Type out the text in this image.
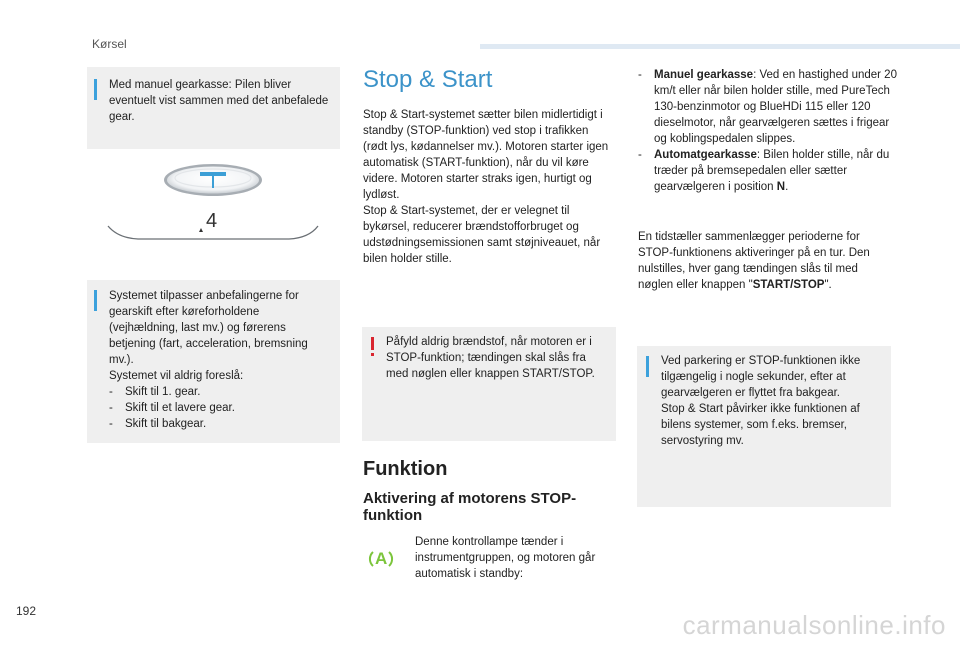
Kørsel

Med manuel gearkasse: Pilen bliver eventuelt vist sammen med det anbefalede gear.

4

Systemet tilpasser anbefalingerne for gearskift efter køreforholdene (vejhældning, last mv.) og førerens betjening (fart, acceleration, bremsning mv.).

Systemet vil aldrig foreslå:

-	Skift til 1. gear.

-	Skift til et lavere gear.

-	Skift til bakgear.

Stop & Start

Stop & Start-systemet sætter bilen midlertidigt i standby (STOP-funktion) ved stop i trafikken (rødt lys, kødannelser mv.). Motoren starter igen automatisk (START-funktion), når du vil køre videre. Motoren starter straks igen, hurtigt og lydløst.

Stop & Start-systemet, der er velegnet til bykørsel, reducerer brændstofforbruget og udstødningsemissionen samt støjniveauet, når bilen holder stille.

Påfyld aldrig brændstof, når motoren er i STOP-funktion; tændingen skal slås fra med nøglen eller knappen START/STOP.

Funktion
Aktivering af motorens STOP-funktion
A
Denne kontrollampe tænder i instrumentgruppen, og motoren går automatisk i standby:

-	Manuel gearkasse: Ved en hastighed under 20 km/t eller når bilen holder stille, med PureTech 130-benzinmotor og BlueHDi 115 eller 120 dieselmotor, når gearvælgeren sættes i frigear og koblingspedalen slippes.

-	Automatgearkasse: Bilen holder stille, når du træder på bremsepedalen eller sætter gearvælgeren i position N.

En tidstæller sammenlægger perioderne for STOP-funktionens aktiveringer på en tur. Den nulstilles, hver gang tændingen slås til med nøglen eller knappen "START/STOP".

Ved parkering er STOP-funktionen ikke tilgængelig i nogle sekunder, efter at gearvælgeren er flyttet fra bakgear.

Stop & Start påvirker ikke funktionen af bilens systemer, som f.eks. bremser, servostyring mv.

192	carmanualsonline.info
